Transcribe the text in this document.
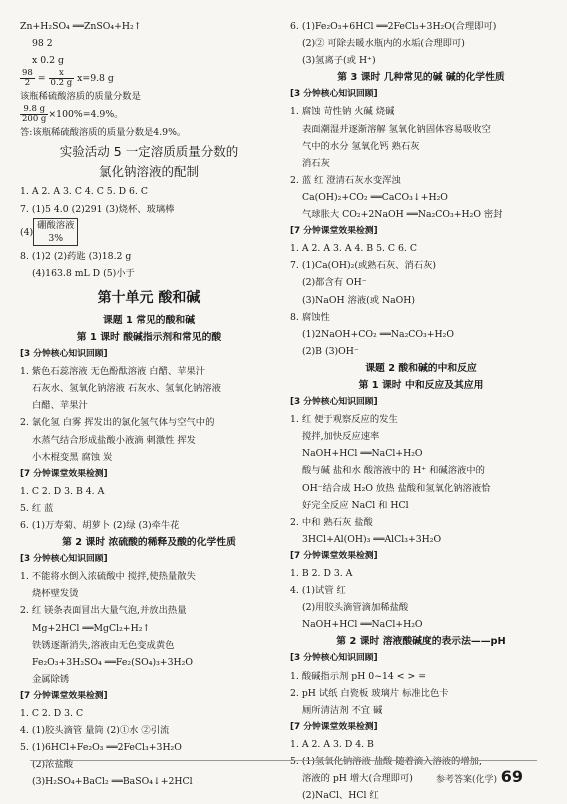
Zn+H₂SO₄ ══ZnSO₄+H₂↑
98 2
x 0.2 g
$\frac{98}{2} = \frac{x}{0.2 g} x=9.8$ g
该瓶稀硫酸溶质的质量分数是
$\frac{9.8 g}{200 g} \times 100\%=4.9\%$。
答:该瓶稀硫酸溶质的质量分数是4.9%。
实验活动 5 一定溶质质量分数的
氯化钠溶液的配制
1. A 2. A 3. C 4. C 5. D 6. C
7. (1)5 4.0 (2)291 (3)烧杯、玻璃棒
(4)
硼酸溶液
3%
8. (1)2 (2)药匙 (3)18.2 g
(4)163.8 mL D (5)小于
第十单元 酸和碱
课题 1 常见的酸和碱
第 1 课时 酸碱指示剂和常见的酸
[3 分钟核心知识回顾]
1. 紫色石蕊溶液 无色酚酞溶液 白醋、苹果汁
石灰水、氢氧化钠溶液 石灰水、氢氧化钠溶液
白醋、苹果汁
2. 氯化氢 白雾 挥发出的氯化氢气体与空气中的
水蒸气结合形成盐酸小液滴 刺激性 挥发
小木棍变黑 腐蚀 炭
[7 分钟课堂效果检测]
1. C 2. D 3. B 4. A
5. 红 蓝
6. (1)万寿菊、胡萝卜 (2)绿 (3)牵牛花
第 2 课时 浓硫酸的稀释及酸的化学性质
[3 分钟核心知识回顾]
1. 不能将水倒入浓硫酸中 搅拌,使热量散失
烧杯壁发烫
2. 红 镁条表面冒出大量气泡,并放出热量
Mg+2HCl ══MgCl₂+H₂↑
铁锈逐渐消失,溶液由无色变成黄色
Fe₂O₃+3H₂SO₄ ══Fe₂(SO₄)₃+3H₂O
金属除锈
[7 分钟课堂效果检测]
1. C 2. D 3. C
4. (1)胶头滴管 量筒 (2)①水 ②引流
5. (1)6HCl+Fe₂O₃ ══2FeCl₃+3H₂O
(2)浓盐酸
(3)H₂SO₄+BaCl₂ ══BaSO₄↓+2HCl
6. (1)Fe₂O₃+6HCl ══2FeCl₃+3H₂O(合理即可)
(2)② 可除去暖水瓶内的水垢(合理即可)
(3)氢离子(或 H⁺)
第 3 课时 几种常见的碱 碱的化学性质
[3 分钟核心知识回顾]
1. 腐蚀 苛性钠 火碱 烧碱
表面潮湿并逐渐溶解 氢氧化钠固体容易吸收空
气中的水分 氢氧化钙 熟石灰
消石灰
2. 蓝 红 澄清石灰水变浑浊
Ca(OH)₂+CO₂ ══CaCO₃↓+H₂O
气球胀大 CO₂+2NaOH ══Na₂CO₃+H₂O 密封
[7 分钟课堂效果检测]
1. A 2. A 3. A 4. B 5. C 6. C
7. (1)Ca(OH)₂(或熟石灰、消石灰)
(2)都含有 OH⁻
(3)NaOH 溶液(或 NaOH)
8. 腐蚀性
(1)2NaOH+CO₂ ══Na₂CO₃+H₂O
(2)B (3)OH⁻
课题 2 酸和碱的中和反应
第 1 课时 中和反应及其应用
[3 分钟核心知识回顾]
1. 红 便于观察反应的发生
搅拌,加快反应速率
NaOH+HCl ══NaCl+H₂O
酸与碱 盐和水 酸溶液中的 H⁺ 和碱溶液中的
OH⁻结合成 H₂O 放热 盐酸和氢氧化钠溶液恰
好完全反应 NaCl 和 HCl
2. 中和 熟石灰 盐酸
3HCl+Al(OH)₃ ══AlCl₃+3H₂O
[7 分钟课堂效果检测]
1. B 2. D 3. A
4. (1)试管 红
(2)用胶头滴管滴加稀盐酸
NaOH+HCl ══NaCl+H₂O
第 2 课时 溶液酸碱度的表示法——pH
[3 分钟核心知识回顾]
1. 酸碱指示剂 pH 0~14 < > =
2. pH 试纸 白瓷板 玻璃片 标准比色卡
厕所清洁剂 不宜 碱
[7 分钟课堂效果检测]
1. A 2. A 3. D 4. B
5. (1)氢氧化钠溶液 盐酸 随着滴入溶液的增加,
溶液的 pH 增大(合理即可)
(2)NaCl、HCl 红
参考答案(化学) 69
